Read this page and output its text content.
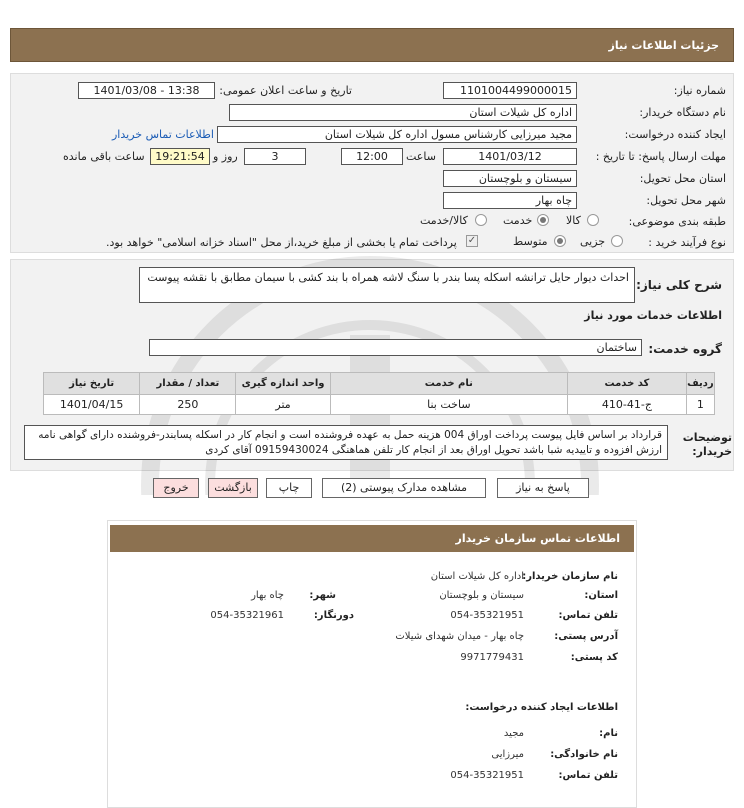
جزئیات اطلاعات نیاز
شماره نیاز:
1101004499000015
تاریخ و ساعت اعلان عمومی:
1401/03/08 - 13:38
نام دستگاه خریدار:
اداره کل شیلات استان
ایجاد کننده درخواست:
مجید میرزایی کارشناس مسول اداره کل شیلات استان
اطلاعات تماس خریدار
مهلت ارسال پاسخ: تا تاریخ :
1401/03/12
ساعت
12:00
3
روز و
19:21:54
ساعت باقی مانده
استان محل تحویل:
سیستان و بلوچستان
شهر محل تحویل:
چاه بهار
طبقه بندی موضوعی:
کالا
خدمت
کالا/خدمت
نوع فرآیند خرید :
جزیی
متوسط
✓
پرداخت تمام یا بخشی از مبلغ خرید،از محل "اسناد خزانه اسلامی" خواهد بود.
شرح کلی نیاز:
احداث دیوار حایل ترانشه اسکله پسا بندر با سنگ لاشه همراه با بند کشی با سیمان مطابق با نقشه پیوست
اطلاعات خدمات مورد نیاز
گروه خدمت:
ساختمان
ردیف	کد خدمت	نام خدمت	واحد اندازه گیری	تعداد / مقدار	تاریخ نیاز
1	ج-41-410	ساخت بنا	متر	250	1401/04/15
توضیحات خریدار:
قرارداد بر اساس فایل پیوست پرداخت اوراق 004 هزینه حمل به عهده فروشنده است و انجام کار در اسکله پسابندر-فروشنده دارای گواهی نامه ارزش افزوده و تاییدیه شبا باشد تحویل اوراق بعد از انجام کار تلفن هماهنگی 09159430024 آقای کردی
پاسخ به نیاز
مشاهده مدارک پیوستی (2)
چاپ
بازگشت
خروج
اطلاعات تماس سازمان خریدار
نام سازمان خریدار:
اداره کل شیلات استان
استان:
سیستان و بلوچستان
شهر:
چاه بهار
تلفن تماس:
054-35321951
دورنگار:
054-35321961
آدرس پستی:
چاه بهار - میدان شهدای شیلات
کد پستی:
9971779431
اطلاعات ایجاد کننده درخواست:
نام:
مجید
نام خانوادگی:
میرزایی
تلفن تماس:
054-35321951
